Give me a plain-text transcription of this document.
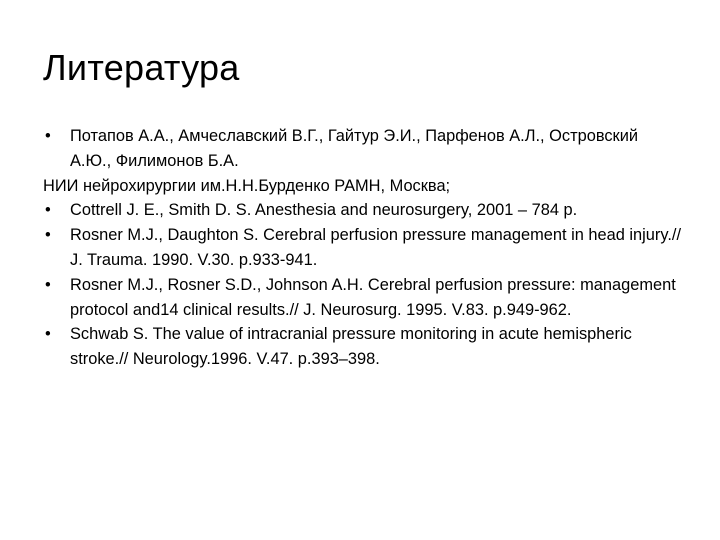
Литература
• Потапов А.А., Амчеславский В.Г., Гайтур Э.И., Парфенов А.Л., Островский А.Ю., Филимонов Б.А.
НИИ нейрохирургии им.Н.Н.Бурденко РАМН, Москва;
• Cottrell J. E., Smith D. S. Anesthesia and neurosurgery, 2001 – 784 p.
• Rosner M.J., Daughton S. Cerebral perfusion pressure management in head injury.// J. Trauma. 1990. V.30. p.933-941.
• Rosner M.J., Rosner S.D., Johnson A.H. Cerebral perfusion pressure: management protocol and14 clinical results.// J. Neurosurg. 1995. V.83. p.949-962.
• Schwab S. The value of intracranial pressure monitoring in acute hemispheric stroke.// Neurology.1996. V.47. p.393–398.
